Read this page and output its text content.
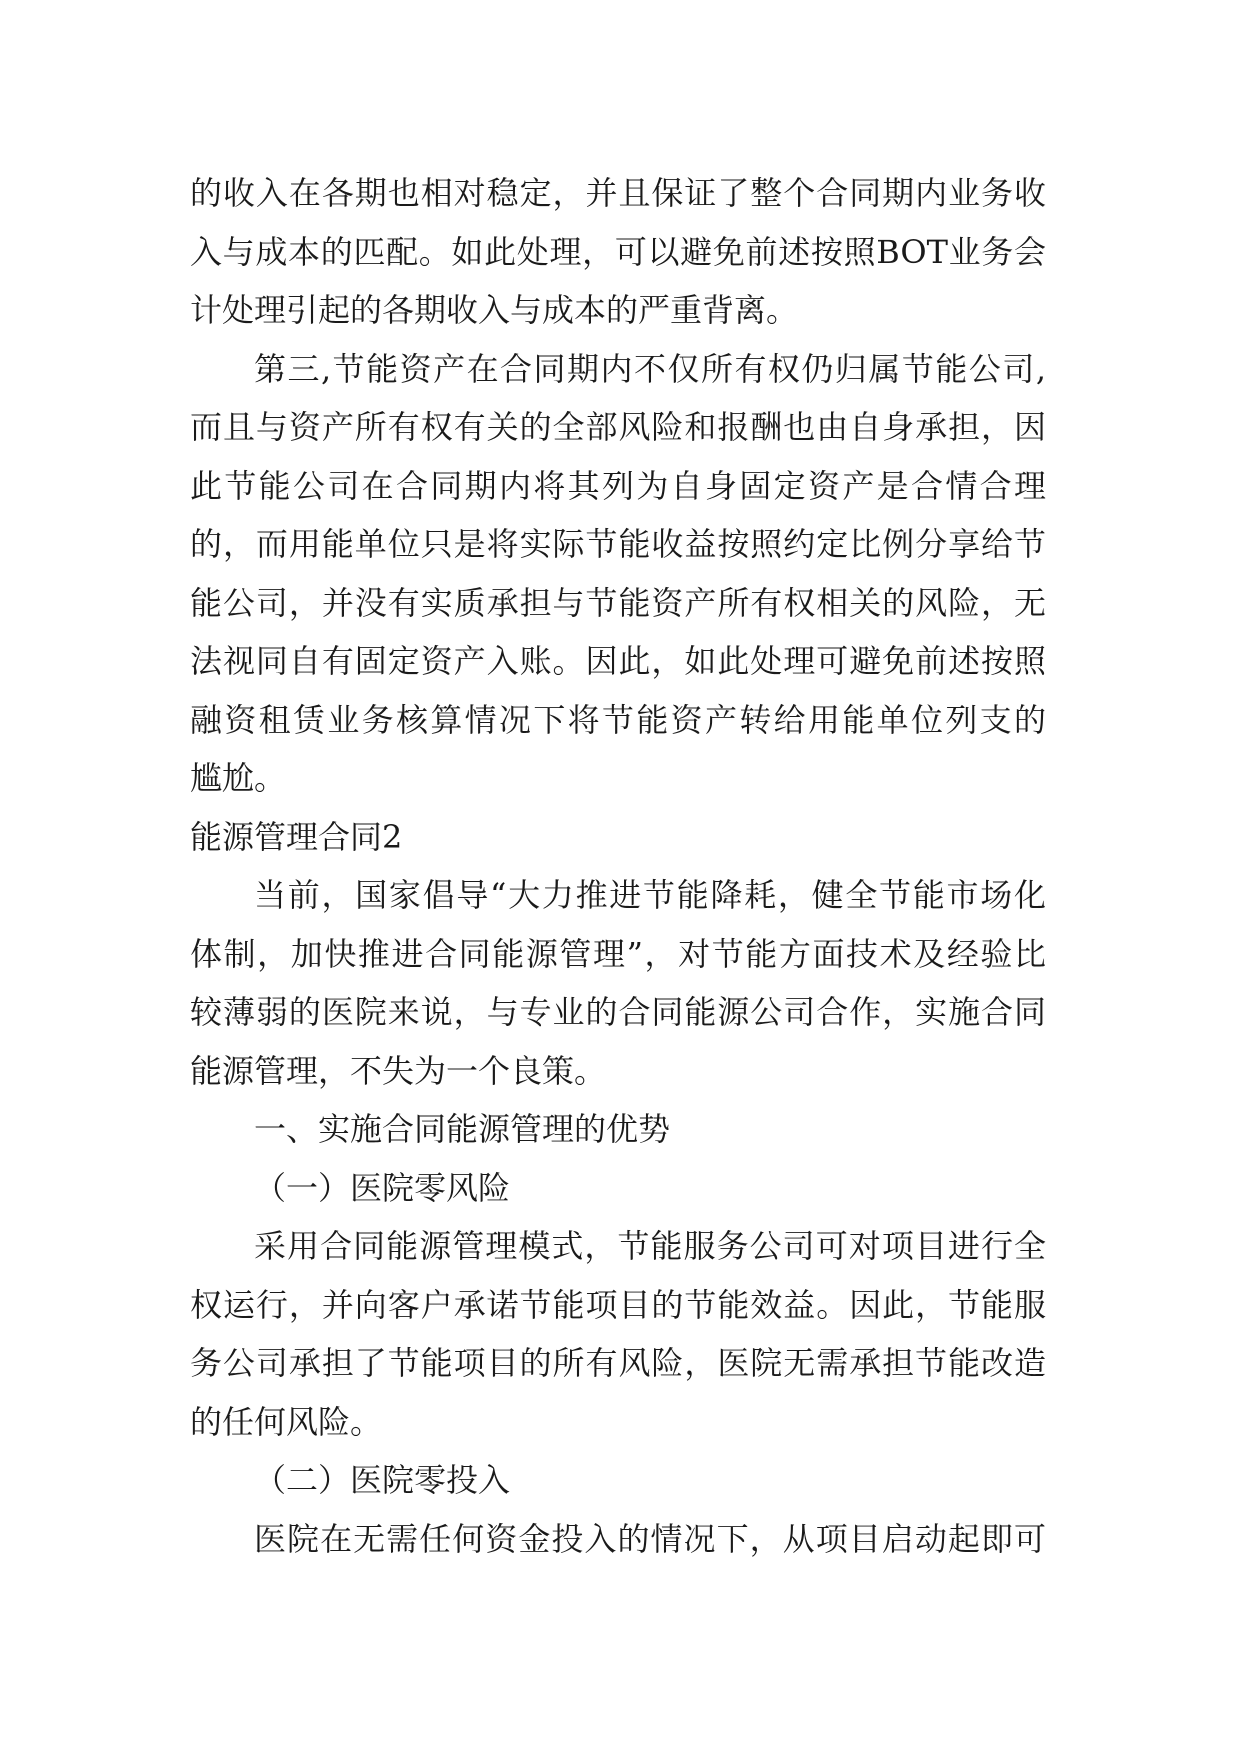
的收入在各期也相对稳定，并且保证了整个合同期内业务收
入与成本的匹配。如此处理，可以避免前述按照BOT业务会
计处理引起的各期收入与成本的严重背离。
第三,节能资产在合同期内不仅所有权仍归属节能公司,
而且与资产所有权有关的全部风险和报酬也由自身承担，因
此节能公司在合同期内将其列为自身固定资产是合情合理
的，而用能单位只是将实际节能收益按照约定比例分享给节
能公司，并没有实质承担与节能资产所有权相关的风险，无
法视同自有固定资产入账。因此，如此处理可避免前述按照
融资租赁业务核算情况下将节能资产转给用能单位列支的
尴尬。
能源管理合同2
当前，国家倡导“大力推进节能降耗，健全节能市场化
体制，加快推进合同能源管理”，对节能方面技术及经验比
较薄弱的医院来说，与专业的合同能源公司合作，实施合同
能源管理，不失为一个良策。
一、实施合同能源管理的优势
（一）医院零风险
采用合同能源管理模式，节能服务公司可对项目进行全
权运行，并向客户承诺节能项目的节能效益。因此，节能服
务公司承担了节能项目的所有风险，医院无需承担节能改造
的任何风险。
（二）医院零投入
医院在无需任何资金投入的情况下，从项目启动起即可
